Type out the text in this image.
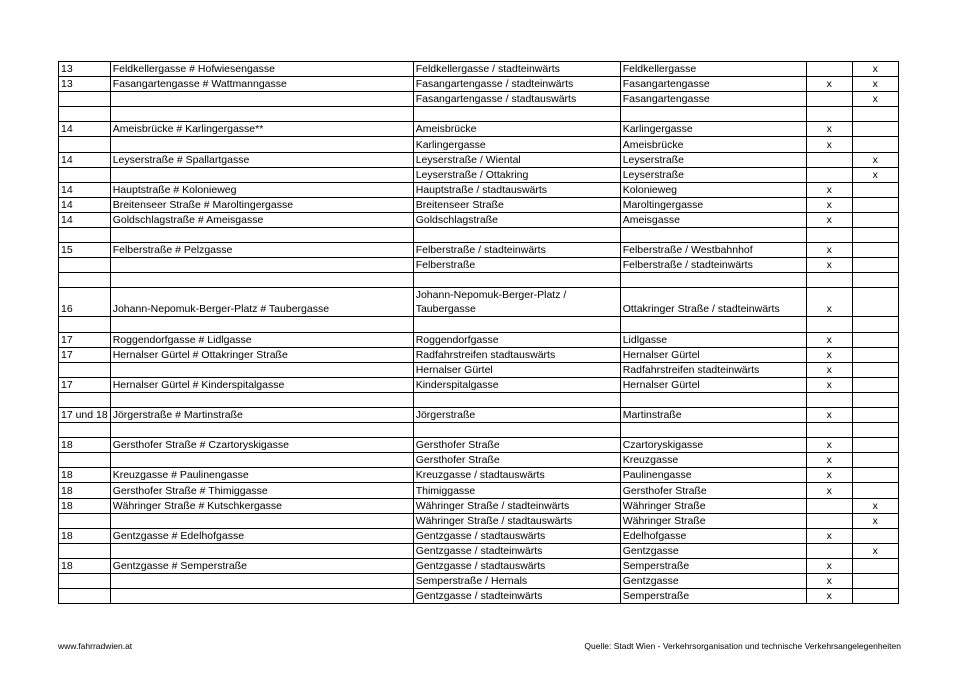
13	Feldkellergasse # Hofwiesengasse	Feldkellergasse / stadteinwärts	Feldkellergasse		x
13	Fasangartengasse # Wattmanngasse	Fasangartengasse / stadteinwärts	Fasangartengasse	x	x
		Fasangartengasse / stadtauswärts	Fasangartengasse		x

14	Ameisbrücke # Karlingergasse**	Ameisbrücke	Karlingergasse	x	
		Karlingergasse	Ameisbrücke	x	
14	Leyserstraße # Spallartgasse	Leyserstraße / Wiental	Leyserstraße		x
		Leyserstraße / Ottakring	Leyserstraße		x
14	Hauptstraße # Kolonieweg	Hauptstraße / stadtauswärts	Kolonieweg	x	
14	Breitenseer Straße # Maroltingergasse	Breitenseer Straße	Maroltingergasse	x	
14	Goldschlagstraße # Ameisgasse	Goldschlagstraße	Ameisgasse	x	

15	Felberstraße # Pelzgasse	Felberstraße / stadteinwärts	Felberstraße / Westbahnhof	x	
		Felberstraße	Felberstraße / stadteinwärts	x	

16	Johann-Nepomuk-Berger-Platz # Taubergasse	Johann-Nepomuk-Berger-Platz / Taubergasse	Ottakringer Straße / stadteinwärts	x	

17	Roggendorfgasse # Lidlgasse	Roggendorfgasse	Lidlgasse	x	
17	Hernalser Gürtel # Ottakringer Straße	Radfahrstreifen stadtauswärts	Hernalser Gürtel	x	
		Hernalser Gürtel	Radfahrstreifen stadteinwärts	x	
17	Hernalser Gürtel # Kinderspitalgasse	Kinderspitalgasse	Hernalser Gürtel	x	

17 und 18	Jörgerstraße # Martinstraße	Jörgerstraße	Martinstraße	x	

18	Gersthofer Straße # Czartoryskigasse	Gersthofer Straße	Czartoryskigasse	x	
		Gersthofer Straße	Kreuzgasse	x	
18	Kreuzgasse # Paulinengasse	Kreuzgasse / stadtauswärts	Paulinengasse	x	
18	Gersthofer Straße # Thimiggasse	Thimiggasse	Gersthofer Straße	x	
18	Währinger Straße # Kutschkergasse	Währinger Straße / stadteinwärts	Währinger Straße		x
		Währinger Straße / stadtauswärts	Währinger Straße		x
18	Gentzgasse # Edelhofgasse	Gentzgasse / stadtauswärts	Edelhofgasse	x	
		Gentzgasse / stadteinwärts	Gentzgasse		x
18	Gentzgasse # Semperstraße	Gentzgasse / stadtauswärts	Semperstraße	x	
		Semperstraße / Hernals	Gentzgasse	x	
		Gentzgasse / stadteinwärts	Semperstraße	x	
www.fahrradwien.at	Quelle: Stadt Wien - Verkehrsorganisation und technische Verkehrsangelegenheiten
